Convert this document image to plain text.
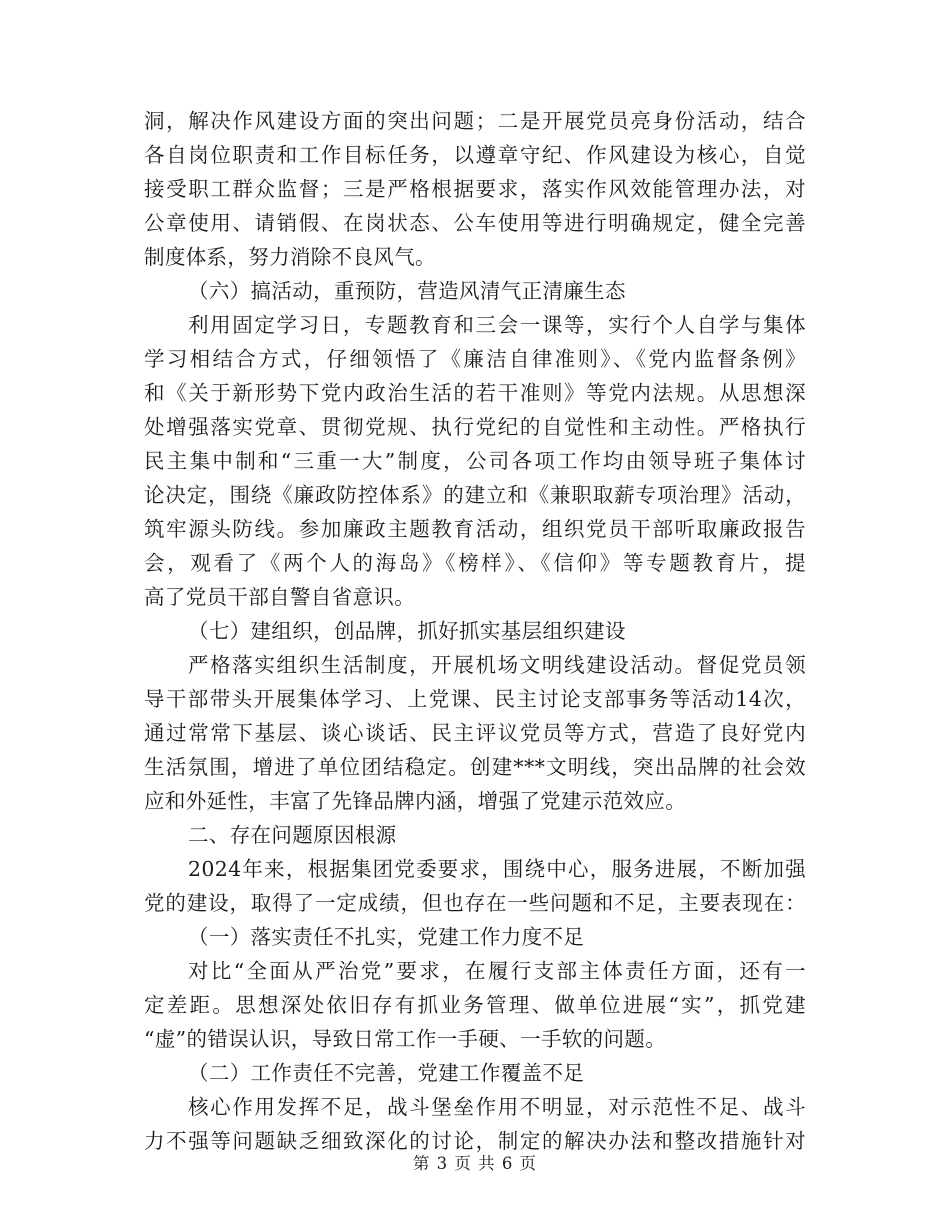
洞，解决作风建设方面的突出问题；二是开展党员亮身份活动，结合
各自岗位职责和工作目标任务，以遵章守纪、作风建设为核心，自觉
接受职工群众监督；三是严格根据要求，落实作风效能管理办法，对
公章使用、请销假、在岗状态、公车使用等进行明确规定，健全完善
制度体系，努力消除不良风气。
（六）搞活动，重预防，营造风清气正清廉生态
利用固定学习日，专题教育和三会一课等，实行个人自学与集体
学习相结合方式，仔细领悟了《廉洁自律准则》、《党内监督条例》
和《关于新形势下党内政治生活的若干准则》等党内法规。从思想深
处增强落实党章、贯彻党规、执行党纪的自觉性和主动性。严格执行
民主集中制和“三重一大”制度，公司各项工作均由领导班子集体讨
论决定，围绕《廉政防控体系》的建立和《兼职取薪专项治理》活动，
筑牢源头防线。参加廉政主题教育活动，组织党员干部听取廉政报告
会，观看了《两个人的海岛》《榜样》、《信仰》等专题教育片，提
高了党员干部自警自省意识。
（七）建组织，创品牌，抓好抓实基层组织建设
严格落实组织生活制度，开展机场文明线建设活动。督促党员领
导干部带头开展集体学习、上党课、民主讨论支部事务等活动14次，
通过常常下基层、谈心谈话、民主评议党员等方式，营造了良好党内
生活氛围，增进了单位团结稳定。创建***文明线，突出品牌的社会效
应和外延性，丰富了先锋品牌内涵，增强了党建示范效应。
二、存在问题原因根源
2024年来，根据集团党委要求，围绕中心，服务进展，不断加强
党的建设，取得了一定成绩，但也存在一些问题和不足，主要表现在：
（一）落实责任不扎实，党建工作力度不足
对比“全面从严治党”要求，在履行支部主体责任方面，还有一
定差距。思想深处依旧存有抓业务管理、做单位进展“实”，抓党建
“虚”的错误认识，导致日常工作一手硬、一手软的问题。
（二）工作责任不完善，党建工作覆盖不足
核心作用发挥不足，战斗堡垒作用不明显，对示范性不足、战斗
力不强等问题缺乏细致深化的讨论，制定的解决办法和整改措施针对
第 3 页 共 6 页
